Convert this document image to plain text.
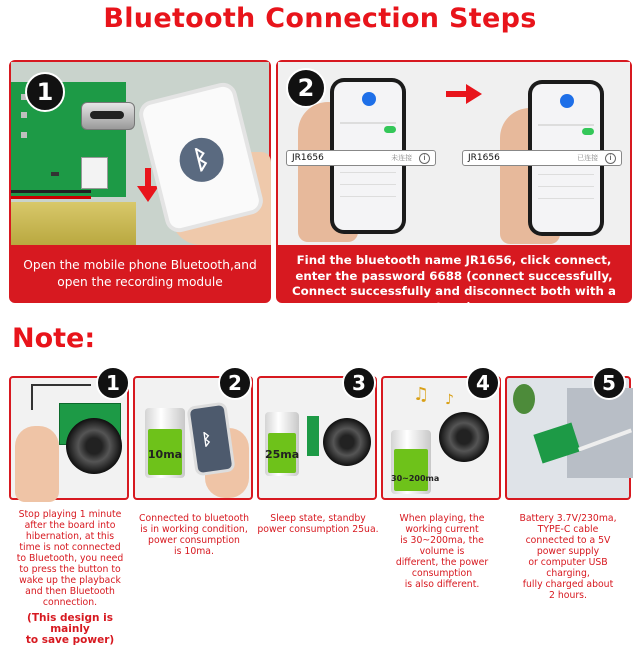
Bluetooth Connection Steps
1
ᛒ
Open the mobile phone Bluetooth,and
open the recording module
2
JR1656	未连接 i	JR1656	已连接 i
Find the bluetooth name JR1656, click connect,
enter the password 6688 (connect successfully,
Connect successfully and disconnect both with a tone)
Note:
1
10ma
ᛒ
2
25ma
3	♫ ♪
30~200ma
4	5
Stop playing 1 minute
after the board into
hibernation, at this
time is not connected
to Bluetooth, you need
to press the button to
wake up the playback
and then Bluetooth
connection.
(This design is mainly
to save power)
Connected to bluetooth
is in working condition,
power consumption
is 10ma.
Sleep state, standby
power consumption 25ua.
When playing, the
working current
is 30~200ma, the
volume is
different, the power
consumption
is also different.
Battery 3.7V/230ma,
TYPE-C cable
connected to a 5V
power supply
or computer USB
charging,
fully charged about
2 hours.
